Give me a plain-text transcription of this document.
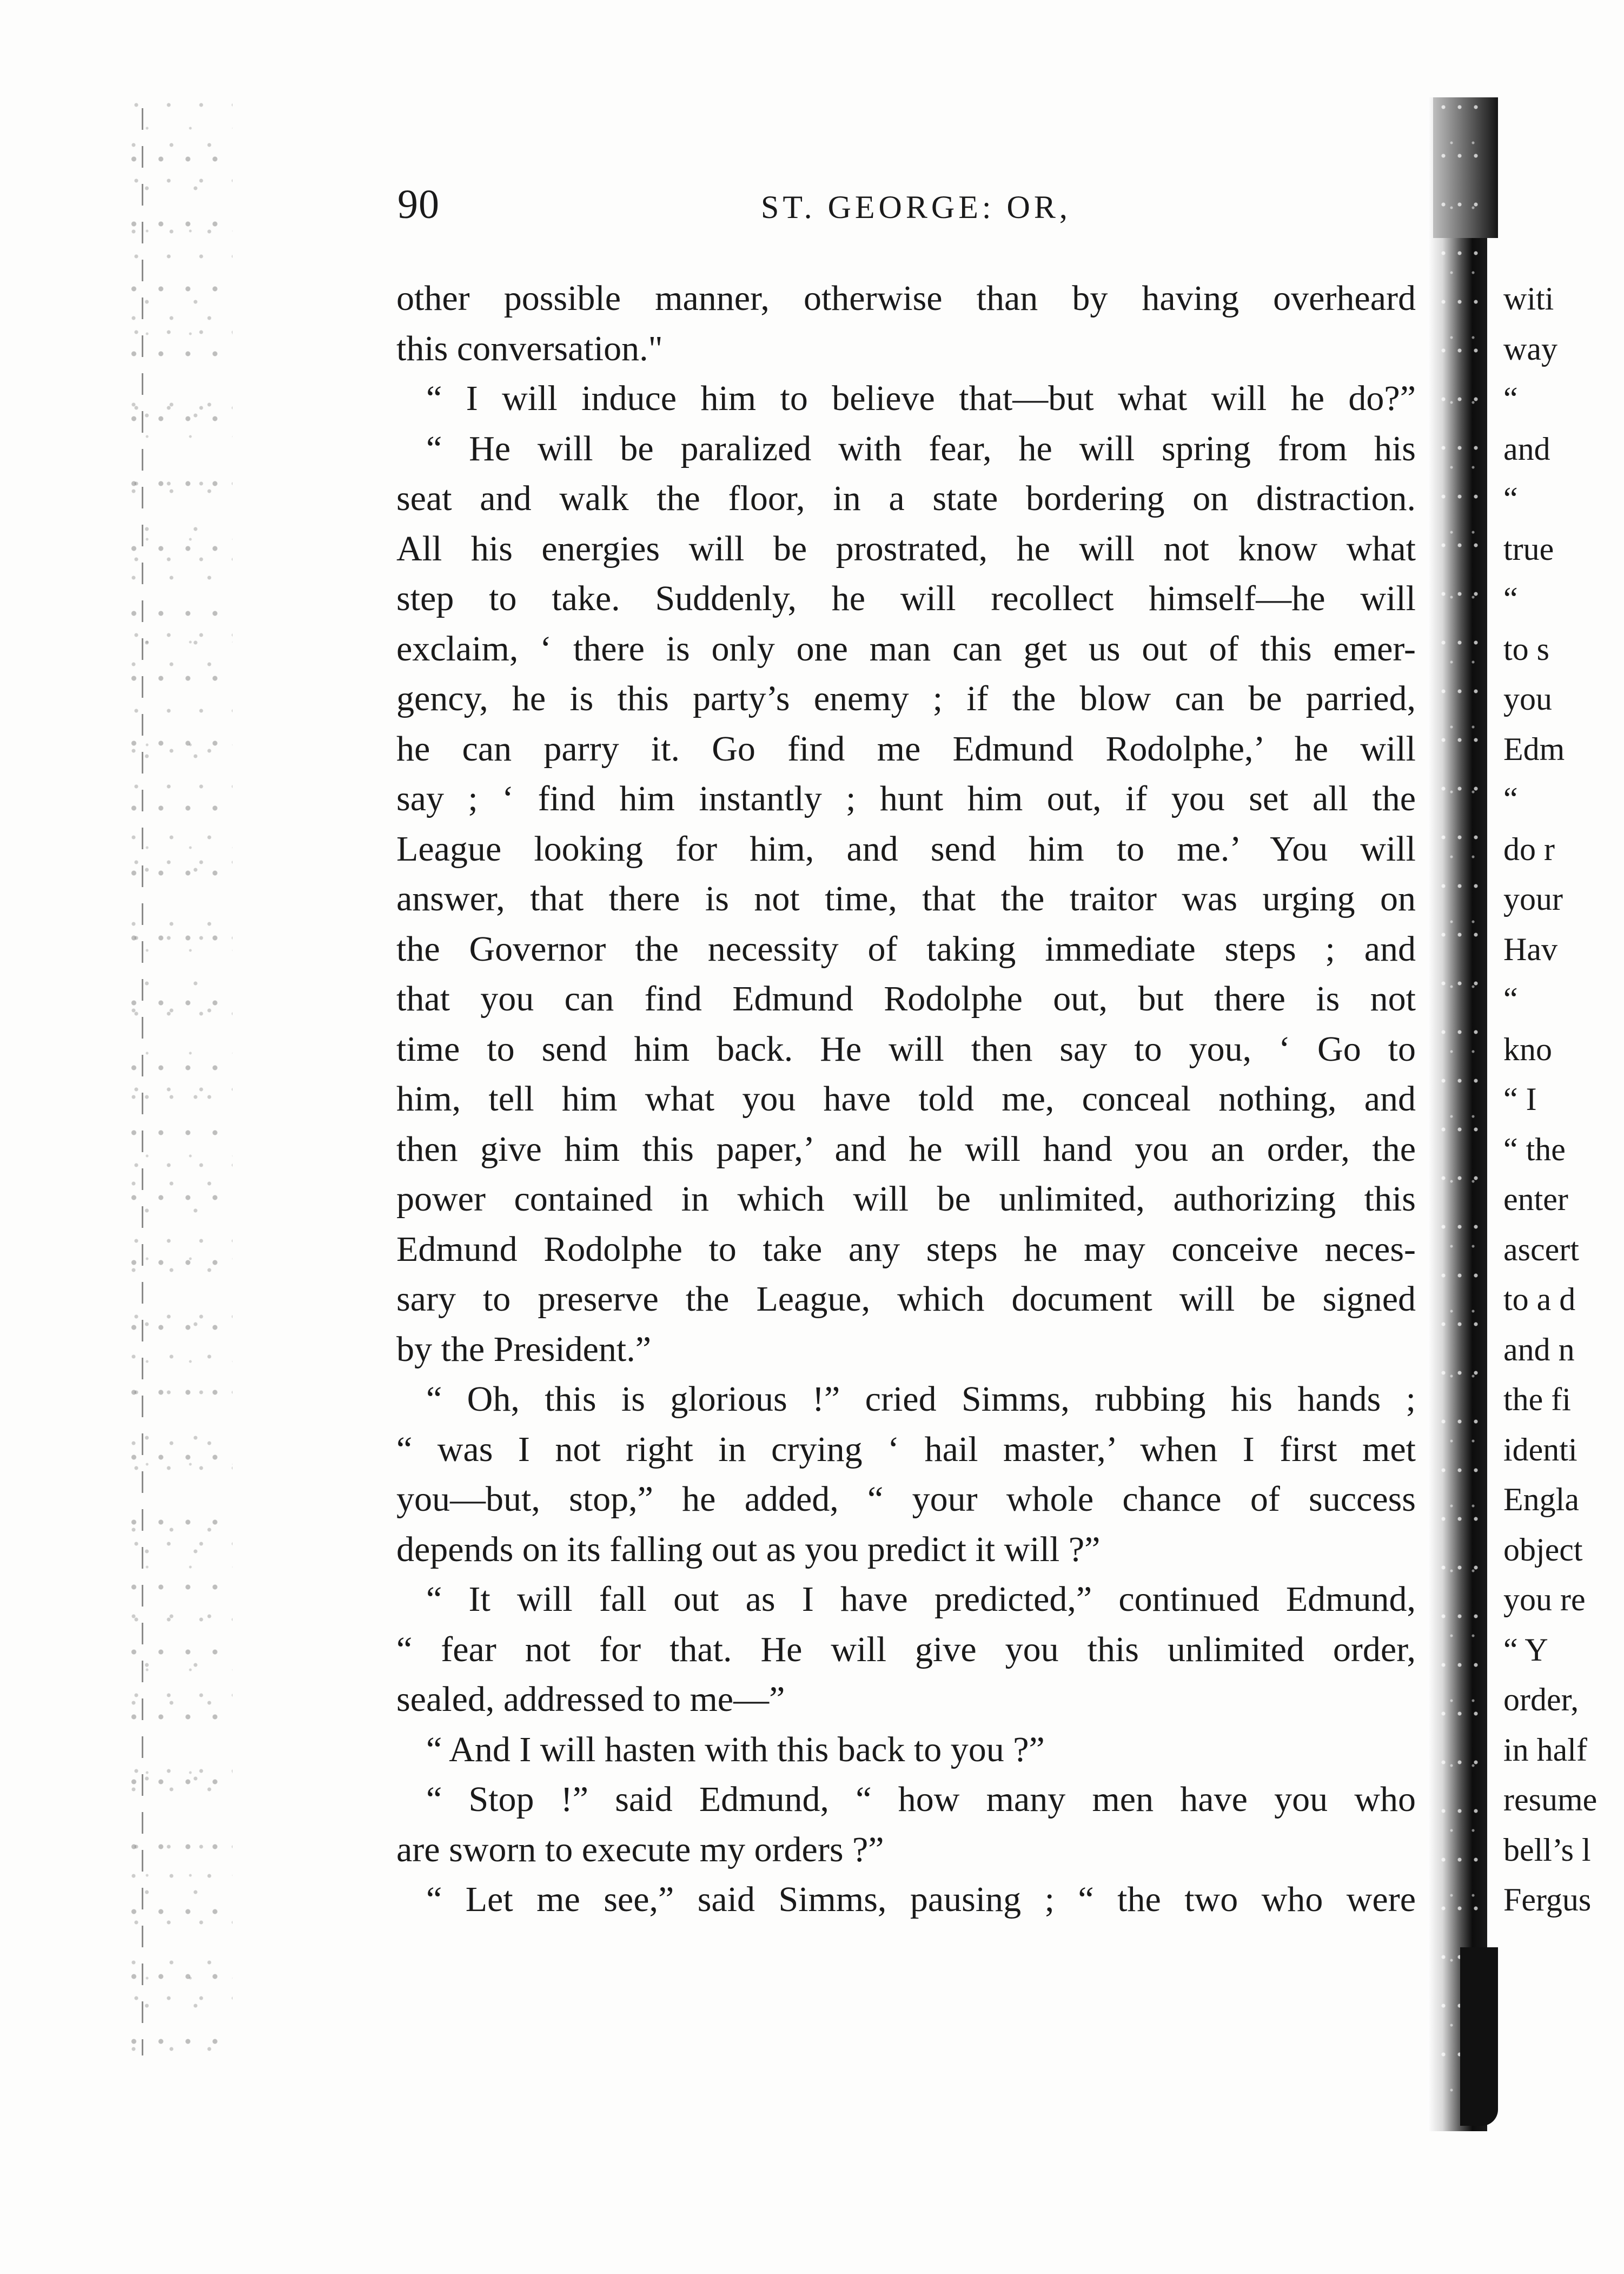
90	ST. GEORGE: OR,
other possible manner, otherwise than by having overheard
this conversation."
“ I will induce him to believe that—but what will he do?”
“ He will be paralized with fear, he will spring from his
seat and walk the floor, in a state bordering on distraction.
All his energies will be prostrated, he will not know what
step to take. Suddenly, he will recollect himself—he will
exclaim, ‘ there is only one man can get us out of this emer-
gency, he is this party’s enemy ; if the blow can be parried,
he can parry it. Go find me Edmund Rodolphe,’ he will
say ; ‘ find him instantly ; hunt him out, if you set all the
League looking for him, and send him to me.’ You will
answer, that there is not time, that the traitor was urging on
the Governor the necessity of taking immediate steps ; and
that you can find Edmund Rodolphe out, but there is not
time to send him back. He will then say to you, ‘ Go to
him, tell him what you have told me, conceal nothing, and
then give him this paper,’ and he will hand you an order, the
power contained in which will be unlimited, authorizing this
Edmund Rodolphe to take any steps he may conceive neces-
sary to preserve the League, which document will be signed
by the President.”
“ Oh, this is glorious !” cried Simms, rubbing his hands ;
“ was I not right in crying ‘ hail master,’ when I first met
you—but, stop,” he added, “ your whole chance of success
depends on its falling out as you predict it will ?”
“ It will fall out as I have predicted,” continued Edmund,
“ fear not for that. He will give you this unlimited order,
sealed, addressed to me—”
“ And I will hasten with this back to you ?”
“ Stop !” said Edmund, “ how many men have you who
are sworn to execute my orders ?”
“ Let me see,” said Simms, pausing ; “ the two who were
witi
way
“
and
“
true
“
to s
you
Edm
“
do r
your
Hav
“
kno
“ I
“ the
enter
ascert
to a d
and n
the fi
identi
Engla
object
you re
“ Y
order,
in half
resume
bell’s l
Fergus
